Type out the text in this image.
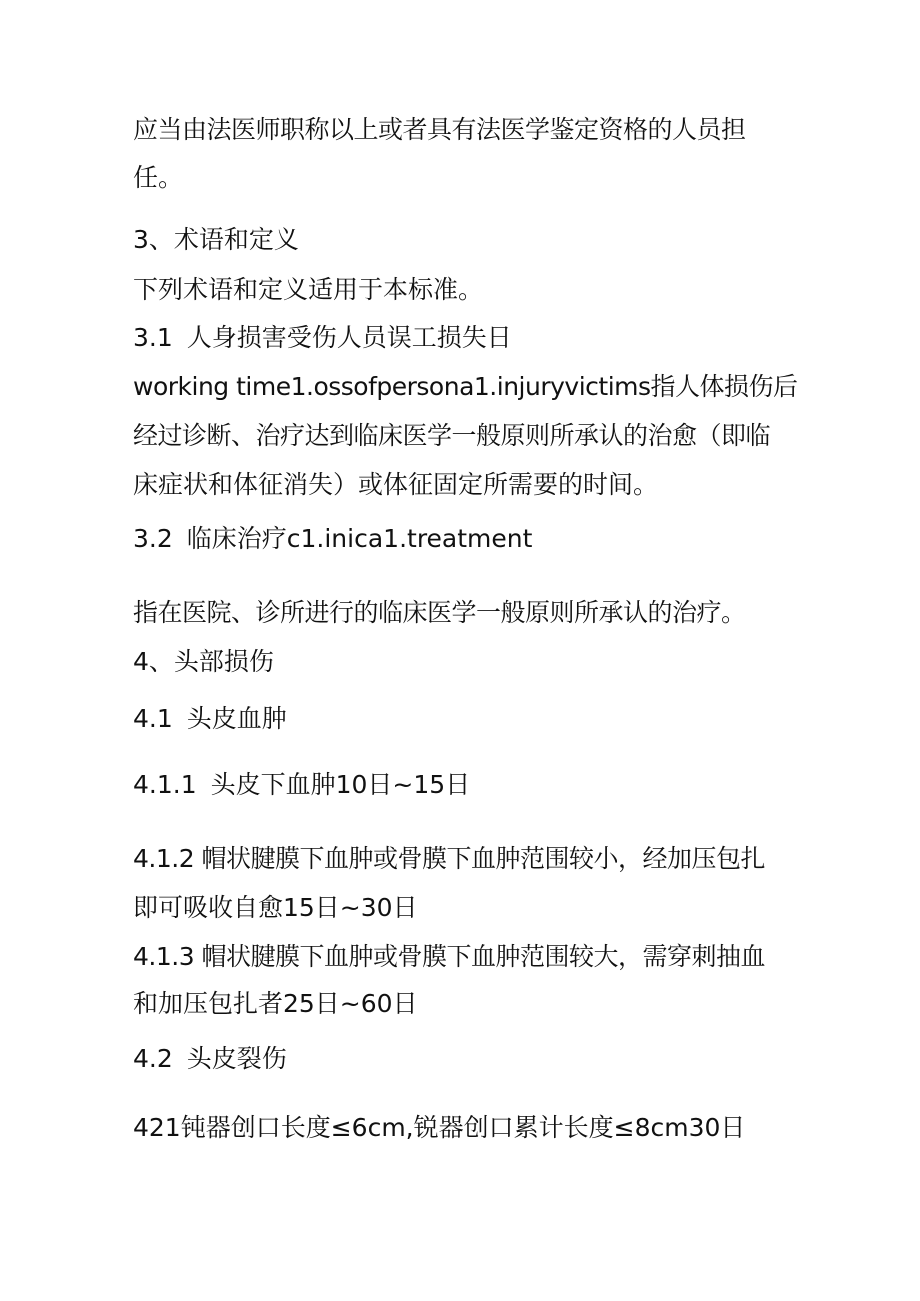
应当由法医师职称以上或者具有法医学鉴定资格的人员担
任。
3、术语和定义
下列术语和定义适用于本标准。
3.1 人身损害受伤人员误工损失日
working time1.ossofpersona1.injuryvictims指人体损伤后
经过诊断、治疗达到临床医学一般原则所承认的治愈（即临
床症状和体征消失）或体征固定所需要的时间。
3.2 临床治疗c1.inica1.treatment
指在医院、诊所进行的临床医学一般原则所承认的治疗。
4、头部损伤
4.1 头皮血肿
4.1.1 头皮下血肿10日~15日
4.1.2 帽状腱膜下血肿或骨膜下血肿范围较小，经加压包扎
即可吸收自愈15日~30日
4.1.3 帽状腱膜下血肿或骨膜下血肿范围较大，需穿刺抽血
和加压包扎者25日~60日
4.2 头皮裂伤
421钝器创口长度≤6cm,锐器创口累计长度≤8cm30日
